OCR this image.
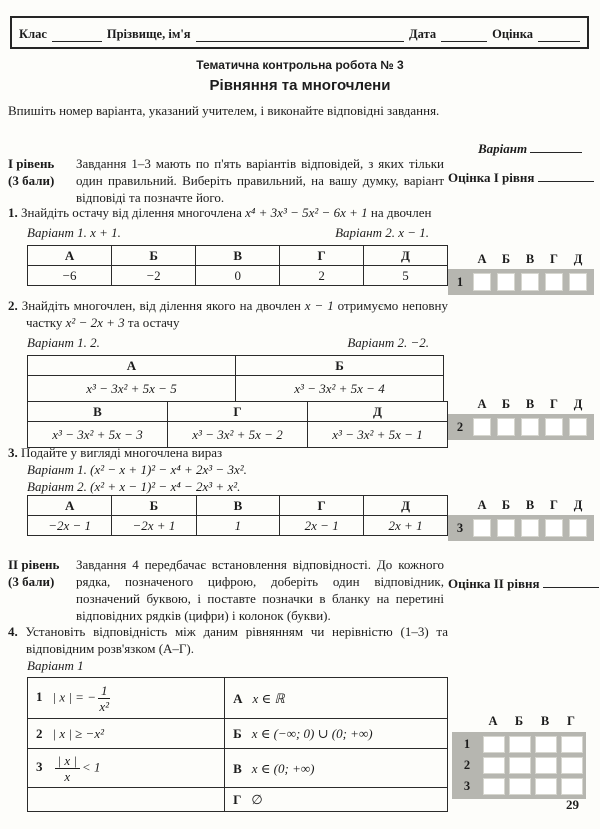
Клас	Прізвище, ім'я	Дата	Оцінка
Тематична контрольна робота № 3
Рівняння та многочлени
Впишіть номер варіанта, указаний учителем, і виконайте відповідні завдання.
Варіант
І рівень
(3 бали)
Завдання 1–3 мають по п'ять варіантів відповідей, з яких тільки один правильний. Виберіть правильний, на вашу думку, варіант відповіді та позначте його.
Оцінка І рівня

1. Знайдіть остачу від ділення многочлена x⁴ + 3x³ − 5x² − 6x + 1 на двочлен

Варіант 1. x + 1.	Варіант 2. x − 1.
А	Б	В	Г	Д
−6	−2	0	2	5
А	Б	В	Г	Д
1

2. Знайдіть многочлен, від ділення якого на двочлен x − 1 отримуємо неповну частку x² − 2x + 3 та остачу

Варіант 1. 2.	Варіант 2. −2.
А	Б
x³ − 3x² + 5x − 5	x³ − 3x² + 5x − 4
В	Г	Д
x³ − 3x² + 5x − 3	x³ − 3x² + 5x − 2	x³ − 3x² + 5x − 1
А	Б	В	Г	Д
2

3. Подайте у вигляді многочлена вираз

Варіант 1. (x² − x + 1)² − x⁴ + 2x³ − 3x².
Варіант 2. (x² + x − 1)² − x⁴ − 2x³ + x².
А	Б	В	Г	Д
−2x − 1	−2x + 1	1	2x − 1	2x + 1
А	Б	В	Г	Д
3
ІІ рівень
(3 бали)
Завдання 4 передбачає встановлення відповідності. До кожного рядка, позначеного цифрою, доберіть один відповідник, позначений буквою, і поставте позначки в бланку на перетині відповідних рядків (цифри) і колонок (букви).
Оцінка ІІ рівня

4. Установіть відповідність між даним рівнянням чи нерівністю (1–3) та відповідним розв'язком (А–Г).

Варіант 1
1 | x | = − $\frac{1}{\text{x²}}$	А x ∈ ℝ
2 | x | ≥ −x²	Б x ∈ (−∞; 0) ∪ (0; +∞)
$3 \frac{| x |}{x} < 1$	В x ∈ (0; +∞)
	Г ∅
А	Б	В	Г
1
2
3
29
